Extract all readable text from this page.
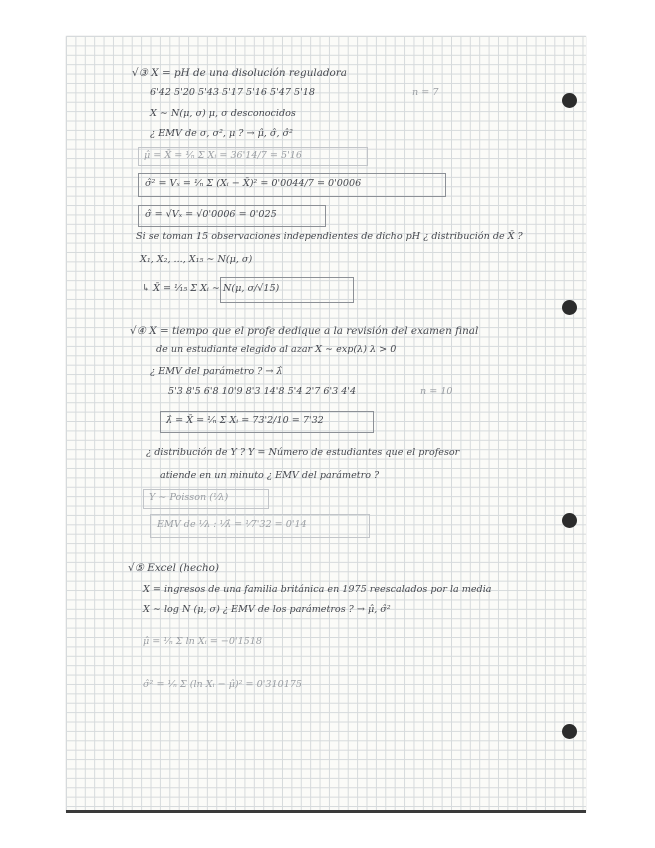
√③ X = pH de una disolución reguladora
6'42 5'20 5'43 5'17 5'16 5'47 5'18	n = 7
X ∼ N(μ, σ) μ, σ desconocidos
¿ EMV de σ, σ², μ ? → μ̂, σ̂, σ̂²
μ̂ = X̄ = ⅟ₙ Σ Xᵢ = 36'14/7 = 5'16
σ̂² = Vₓ = ⅟ₙ Σ (Xᵢ − X̄)² = 0'0044/7 = 0'0006
σ̂ = √Vₓ = √0'0006 = 0'025
Si se toman 15 observaciones independientes de dicho pH ¿ distribución de X̄ ?
X₁, X₂, ..., X₁₅ ∼ N(μ, σ)
↳ X̄ = ¹⁄₁₅ Σ Xᵢ ∼ N(μ, σ/√15)
√④ X = tiempo que el profe dedique a la revisión del examen final
de un estudiante elegido al azar X ∼ exp(λ) λ > 0
¿ EMV del parámetro ? → λ̂
5'3 8'5 6'8 10'9 8'3 14'8 5'4 2'7 6'3 4'4	n = 10
λ̂ = X̄ = ⅟ₙ Σ Xᵢ = 73'2/10 = 7'32
¿ distribución de Y ? Y = Número de estudiantes que el profesor
atiende en un minuto ¿ EMV del parámetro ?
Y ∼ Poisson (¹⁄λ)
EMV de ¹⁄λ : ¹⁄λ̂ = ¹⁄7'32 = 0'14
√⑤ Excel (hecho)
X = ingresos de una familia británica en 1975 reescalados por la media
X ∼ log N (μ, σ) ¿ EMV de los parámetros ? → μ̂, σ̂²
μ̂ = ⅟ₙ Σ ln Xᵢ = −0'1518
σ̂² = ⅟ₙ Σ (ln Xᵢ − μ̂)² = 0'310175
